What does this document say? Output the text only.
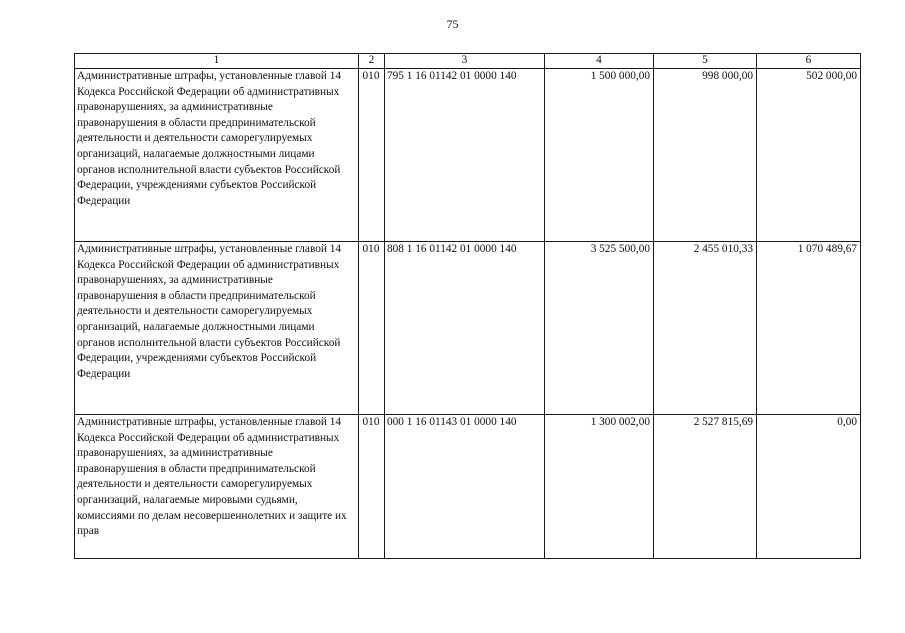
75
1	2	3	4	5	6
Административные штрафы, установленные главой 14 Кодекса Российской Федерации об административных правонарушениях, за административные правонарушения в области предпринимательской деятельности и деятельности саморегулируемых организаций, налагаемые должностными лицами органов исполнительной власти субъектов Российской Федерации, учреждениями субъектов Российской Федерации	010	795 1 16 01142 01 0000 140	1 500 000,00	998 000,00	502 000,00
Административные штрафы, установленные главой 14 Кодекса Российской Федерации об административных правонарушениях, за административные правонарушения в области предпринимательской деятельности и деятельности саморегулируемых организаций, налагаемые должностными лицами органов исполнительной власти субъектов Российской Федерации, учреждениями субъектов Российской Федерации	010	808 1 16 01142 01 0000 140	3 525 500,00	2 455 010,33	1 070 489,67
Административные штрафы, установленные главой 14 Кодекса Российской Федерации об административных правонарушениях, за административные правонарушения в области предпринимательской деятельности и деятельности саморегулируемых организаций, налагаемые мировыми судьями, комиссиями по делам несовершеннолетних и защите их прав	010	000 1 16 01143 01 0000 140	1 300 002,00	2 527 815,69	0,00
